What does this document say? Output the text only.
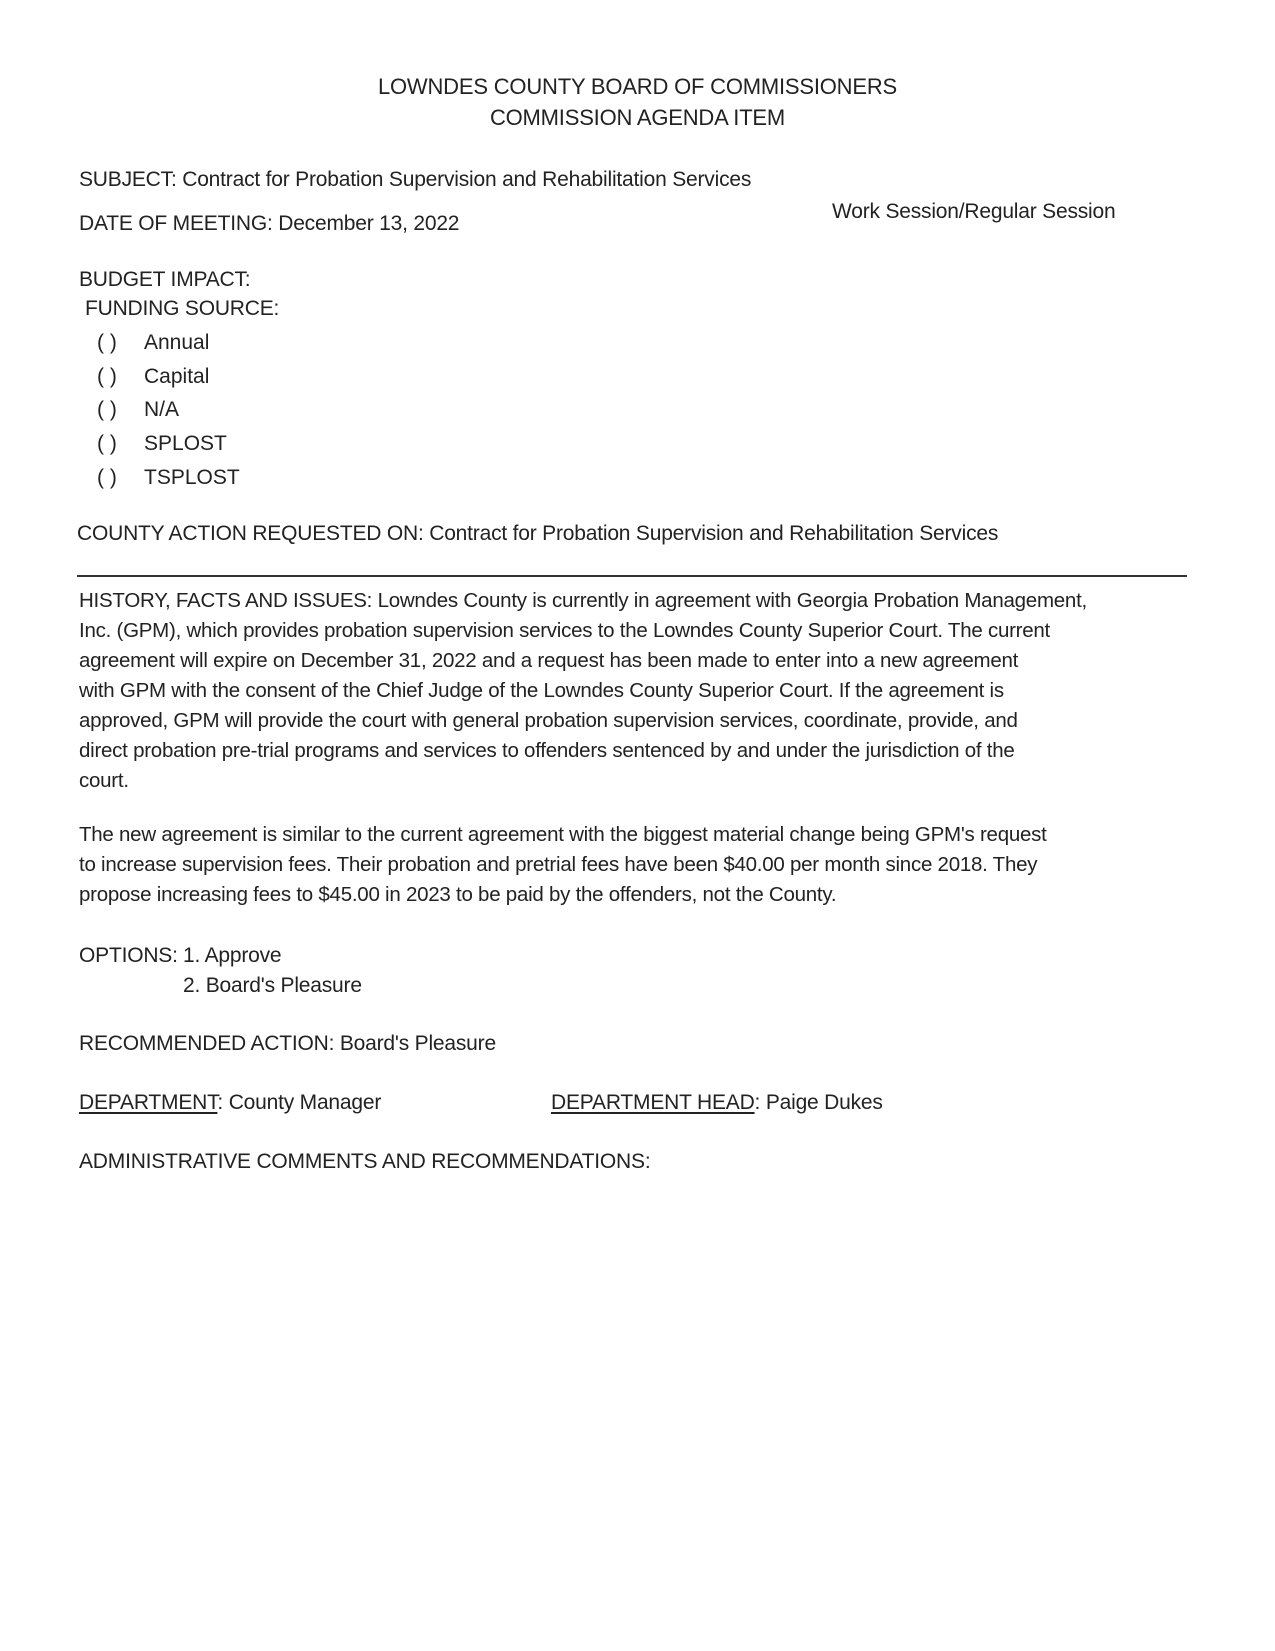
LOWNDES COUNTY BOARD OF COMMISSIONERS
COMMISSION AGENDA ITEM
SUBJECT: Contract for Probation Supervision and Rehabilitation Services
DATE OF MEETING: December 13, 2022
Work Session/Regular Session
BUDGET IMPACT:
FUNDING SOURCE:
( ) Annual
( ) Capital
( ) N/A
( ) SPLOST
( ) TSPLOST
COUNTY ACTION REQUESTED ON: Contract for Probation Supervision and Rehabilitation Services
HISTORY, FACTS AND ISSUES: Lowndes County is currently in agreement with Georgia Probation Management,
Inc. (GPM), which provides probation supervision services to the Lowndes County Superior Court. The current
agreement will expire on December 31, 2022 and a request has been made to enter into a new agreement
with GPM with the consent of the Chief Judge of the Lowndes County Superior Court. If the agreement is
approved, GPM will provide the court with general probation supervision services, coordinate, provide, and
direct probation pre-trial programs and services to offenders sentenced by and under the jurisdiction of the
court.
The new agreement is similar to the current agreement with the biggest material change being GPM's request
to increase supervision fees. Their probation and pretrial fees have been $40.00 per month since 2018. They
propose increasing fees to $45.00 in 2023 to be paid by the offenders, not the County.
OPTIONS: 1. Approve
2. Board's Pleasure
RECOMMENDED ACTION: Board's Pleasure
DEPARTMENT: County Manager	DEPARTMENT HEAD: Paige Dukes
ADMINISTRATIVE COMMENTS AND RECOMMENDATIONS:
